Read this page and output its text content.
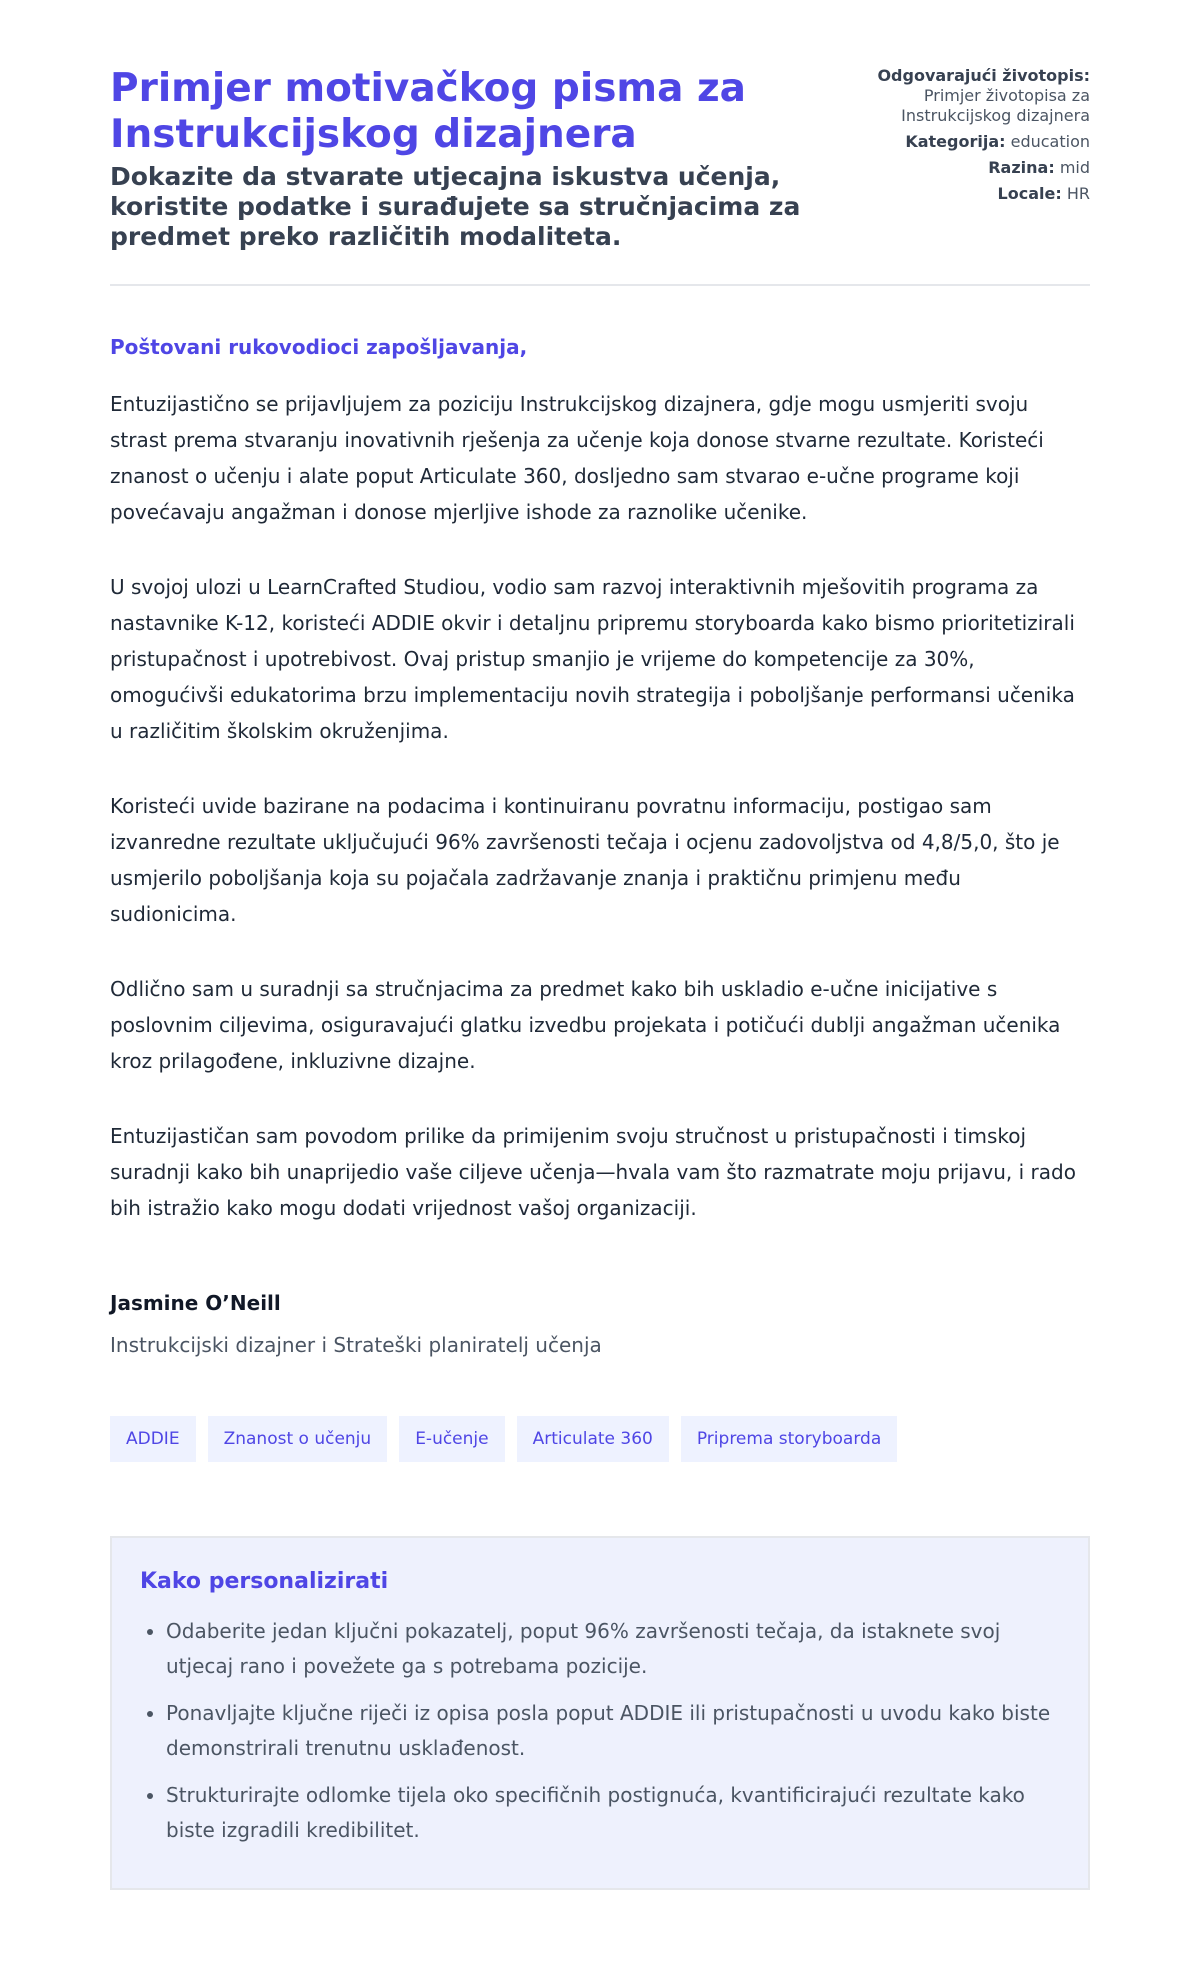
Primjer motivačkog pisma za Instrukcijskog dizajnera

Dokazite da stvarate utjecajna iskustva učenja, koristite podatke i surađujete sa stručnjacima za predmet preko različitih modaliteta.

Odgovarajući životopis:
Primjer životopisa za Instrukcijskog dizajnera
Kategorija: education
Razina: mid
Locale: HR
Poštovani rukovodioci zapošljavanja,

Entuzijastično se prijavljujem za poziciju Instrukcijskog dizajnera, gdje mogu usmjeriti svoju strast prema stvaranju inovativnih rješenja za učenje koja donose stvarne rezultate. Koristeći znanost o učenju i alate poput Articulate 360, dosljedno sam stvarao e-učne programe koji povećavaju angažman i donose mjerljive ishode za raznolike učenike.

U svojoj ulozi u LearnCrafted Studiou, vodio sam razvoj interaktivnih mješovitih programa za nastavnike K-12, koristeći ADDIE okvir i detaljnu pripremu storyboarda kako bismo prioritetizirali pristupačnost i upotrebivost. Ovaj pristup smanjio je vrijeme do kompetencije za 30%, omogućivši edukatorima brzu implementaciju novih strategija i poboljšanje performansi učenika u različitim školskim okruženjima.

Koristeći uvide bazirane na podacima i kontinuiranu povratnu informaciju, postigao sam izvanredne rezultate uključujući 96% završenosti tečaja i ocjenu zadovoljstva od 4,8/5,0, što je usmjerilo poboljšanja koja su pojačala zadržavanje znanja i praktičnu primjenu među sudionicima.

Odlično sam u suradnji sa stručnjacima za predmet kako bih uskladio e-učne inicijative s poslovnim ciljevima, osiguravajući glatku izvedbu projekata i potičući dublji angažman učenika kroz prilagođene, inkluzivne dizajne.

Entuzijastičan sam povodom prilike da primijenim svoju stručnost u pristupačnosti i timskoj suradnji kako bih unaprijedio vaše ciljeve učenja—hvala vam što razmatrate moju prijavu, i rado bih istražio kako mogu dodati vrijednost vašoj organizaciji.

Jasmine O’Neill
Instrukcijski dizajner i Strateški planiratelj učenja
ADDIE	Znanost o učenju	E-učenje	Articulate 360	Priprema storyboarda
Kako personalizirati
• Odaberite jedan ključni pokazatelj, poput 96% završenosti tečaja, da istaknete svoj utjecaj rano i povežete ga s potrebama pozicije.
• Ponavljajte ključne riječi iz opisa posla poput ADDIE ili pristupačnosti u uvodu kako biste demonstrirali trenutnu usklađenost.
• Strukturirajte odlomke tijela oko specifičnih postignuća, kvantificirajući rezultate kako biste izgradili kredibilitet.
